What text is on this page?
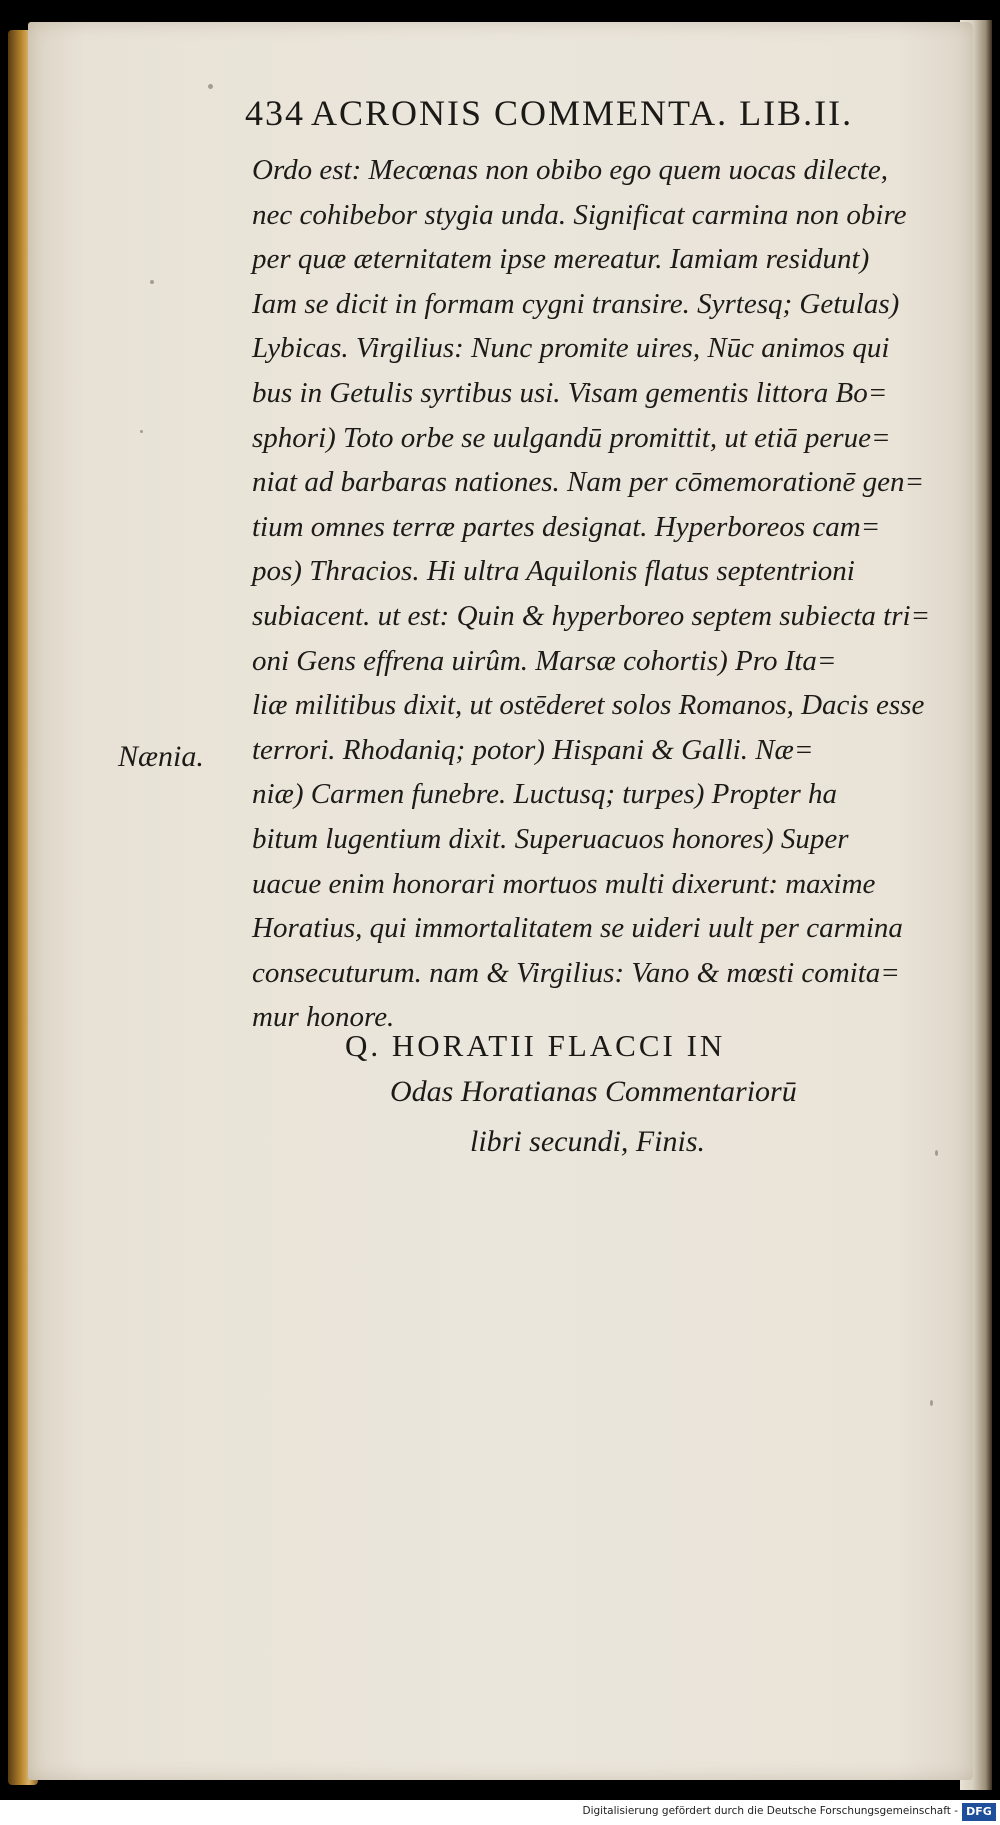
434 ACRONIS COMMENTA. LIB.II.
Ordo est: Mecœnas non obibo ego quem uocas dilecte,
nec cohibebor stygia unda. Significat carmina non obire
per quæ æternitatem ipse mereatur. Iamiam residunt)
Iam se dicit in formam cygni transire. Syrtesq; Getulas)
Lybicas. Virgilius: Nunc promite uires, Nūc animos qui
bus in Getulis syrtibus usi. Visam gementis littora Bo=
sphori) Toto orbe se uulgandū promittit, ut etiā perue=
niat ad barbaras nationes. Nam per cōmemorationē gen=
tium omnes terræ partes designat. Hyperboreos cam=
pos) Thracios. Hi ultra Aquilonis flatus septentrioni
subiacent. ut est: Quin & hyperboreo septem subiecta tri=
oni Gens effrena uirûm. Marsæ cohortis) Pro Ita=
liæ militibus dixit, ut ostēderet solos Romanos, Dacis esse
terrori. Rhodaniq; potor) Hispani & Galli. Næ=
niæ) Carmen funebre. Luctusq; turpes) Propter ha
bitum lugentium dixit. Superuacuos honores) Super
uacue enim honorari mortuos multi dixerunt: maxime
Horatius, qui immortalitatem se uideri uult per carmina
consecuturum. nam & Virgilius: Vano & mœsti comita=
mur honore.
Nænia.
Q. HORATII FLACCI IN
Odas Horatianas Commentariorū
libri secundi, Finis.
Digitalisierung gefördert durch die Deutsche Forschungsgemeinschaft - DFG
